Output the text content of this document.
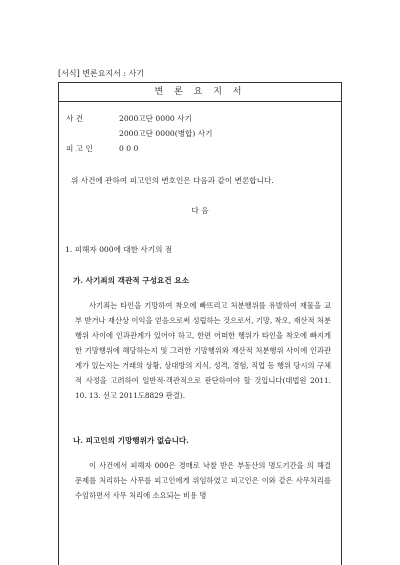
[서식] 변론요지서 : 사기
변 론 요 지 서
사 건	2000고단 0000 사기
2000고단 0000(병합) 사기
피 고 인	0 0 0
위 사건에 관하여 피고인의 변호인은 다음과 같이 변론합니다.
다 음
1. 피해자 000에 대한 사기의 점
가. 사기죄의 객관적 구성요건 요소
사기죄는 타인을 기망하여 착오에 빠뜨리고 처분행위를 유발하여 재물을 교부 받거나 재산상 이익을 얻음으로써 성립하는 것으로서, 기망, 착오, 재산적 처분행위 사이에 인과관계가 있어야 하고, 한편 어떠한 행위가 타인을 착오에 빠지게 한 기망행위에 해당하는지 및 그러한 기망행위와 재산적 처분행위 사이에 인과관계가 있는지는 거래의 상황, 상대방의 지식, 성격, 경험, 직업 등 행위 당시의 구체적 사정을 고려하여 일반적·객관적으로 판단하여야 할 것입니다(대법원 2011. 10. 13. 선고 2011도8829 판결).
나. 피고인의 기망행위가 없습니다.
이 사건에서 피해자 000은 경매로 낙찰 받은 부동산의 명도기간을 의 해결 문제를 처리하는 사무를 피고인에게 위임하였고 피고인은 이와 같은 사무처리를 수임하면서 사무 처리에 소요되는 비용 명
